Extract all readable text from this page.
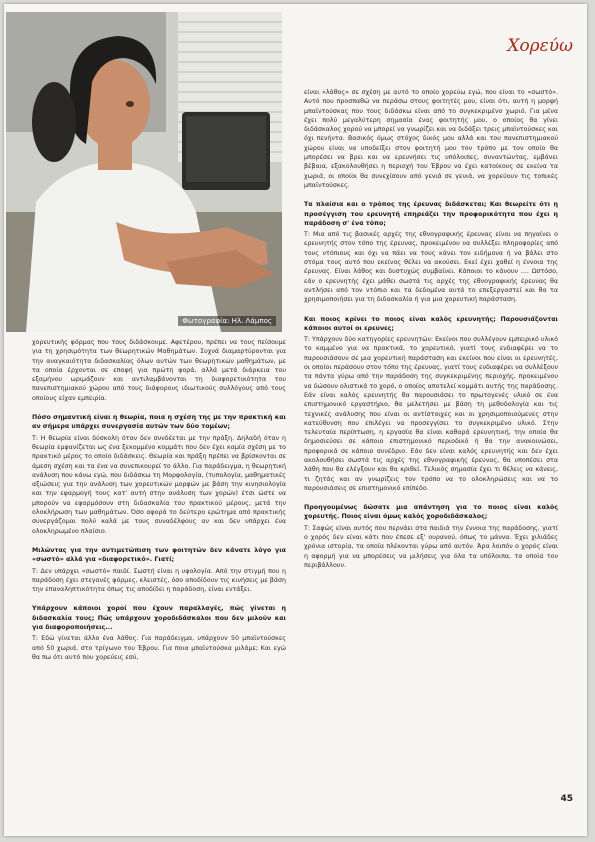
Φωτογραφία: Ηλ. Λάμπος
Χορεύω

χορευτικής φόρμας που τους διδάσκουμε. Αφετέρου, πρέπει να τους πείσουμε για τη χρησιμότητα των θεωρητικών Μαθημάτων. Συχνά διαμαρτύρονται για την αναγκαιότητα διδασκαλίας όλων αυτών των θεωρητικών μαθημάτων, με τα οποία έρχονται σε επαφή για πρώτη φορά, αλλά μετά διάρκεια του εξαμήνου ωριμάζουν και αντιλαμβάνονται τη διαφορετικότητα του πανεπιστημιακού χώρου από τους διάφορους ιδιωτικούς συλλόγους από τους οποίους είχαν εμπειρία.

Πόσο σημαντική είναι η θεωρία, ποια η σχέση της με την πρακτική και αν σήμερα υπάρχει συνεργασία αυτών των δύο τομέων;

Τ: Η θεωρία είναι δύσκολη όταν δεν συνδέεται με την πράξη. Δηλαδή όταν η θεωρία εμφανίζεται ως ένα ξεκομμένο κομμάτι που δεν έχει καμία σχέση με το πρακτικό μέρος το οποίο διδάσκεις. Θεωρία και πράξη πρέπει να βρίσκονται σε άμεση σχέση και τα ένα να συνεπικουρεί το άλλο. Για παράδειγμα, η θεωρητική ανάλυση που κάνω εγώ, που διδάσκω τη Μορφολογία, (τυπολογία, μαθηματικές αξιώσεις για την ανάλυση των χορευτικών μορφών με βάση την κινησιολογία και την εφαρμογή τους κατ' αυτή στην ανάλυση των χορών) έτσι ώστε να μπορούν να εφαρμόσουν στη διδασκαλία του πρακτικού μέρους, μετά την ολοκλήρωση των μαθημάτων. Όσο αφορά το δεύτερο ερώτημα από πρακτικής συνεργάζομαι πολύ καλά με τους συναδέλφους αν και δεν υπάρχει ένα ολοκληρωμένο πλαίσιο.

Μιλώντας για την αντιμετώπιση των φοιτητών δεν κάνατε λόγο για «σωστό» αλλά για «διαφορετικό». Γιατί;

Τ: Δεν υπάρχει «σωστό» παιδί. Σωστή είναι η υφολογία. Από την στιγμή που η παράδοση έχει στεγανές φόρμες, κλειστές, όσο αποδίδουν τις κινήσεις με βάση την επαναληπτικότητα όπως τις αποδίδει η παράδοση, είναι εντάξει.

Υπάρχουν κάποιοι χοροί που έχουν παραλλαγές, πώς γίνεται η διδασκαλία τους; Πώς υπάρχουν χοροδιδάσκαλοι που δεν μιλούν και για διαφοροποιήσεις...

Τ: Εδώ γίνεται άλλο ένα λάθος. Για παράδειγμα, υπάρχουν 50 μπαϊντούσκες από 50 χωριά, στο τρίγωνο του Έβρου. Για ποια μπαϊντούσκα μιλάμε; Και εγώ θα πω ότι αυτό που χορεύεις εσύ,

είναι «λάθος» σε σχέση με αυτό το οποίο χορεύω εγώ, που είναι το «σωστό». Αυτό που προσπαθώ να περάσω στους φοιτητές μου, είναι ότι, αυτή η μορφή μπαϊντούσκας που τους διδάσκω είναι από το συγκεκριμένο χωριό. Για μένα έχει πολύ μεγαλύτερη σημασία ένας φοιτητής μου, ο οποίος θα γίνει διδάσκαλος χορού να μπορεί να γνωρίζει και να διδάξει τρεις μπαϊντούσκες και όχι πενήντα. Βασικός όμως στόχος δικός μου αλλά και του πανεπιστημιακού χώρου είναι να υποδείξει στον φοιτητή μου τον τρόπο με τον οποίο θα μπορέσει να βρει και να ερευνήσει τις υπόλοιπες, συναντώντας, εμβάνει βέβαια, εξακολουθήσει η περιοχή του Έβρου να έχει κατοίκους σε εκείνα τα χωριά, οι οποίοι θα συνεχίσουν από γενιά σε γενιά, να χορεύουν τις τοπικές μπαϊντούσκες.

Τα πλαίσια και ο τρόπος της έρευνας διδάσκεται; Και θεωρείτε ότι η προσέγγιση του ερευνητή επηρεάζει την προφορικότητα που έχει η παράδοση σ' ένα τόπο;

Τ: Μια από τις βασικές αρχές της εθνογραφικής έρευνας είναι να πηγαίνει ο ερευνητής στον τόπο της έρευνας, προκειμένου να συλλέξει πληροφορίες από τους ντόπιους και όχι να πάει να τους κάνει τον ειδήμονα ή να βάλει στο στόμα τους αυτό που εκείνος θέλει να ακούσει. Εκεί έχει χαθεί η έννοια της έρευνας. Είναι λάθος και δυστυχώς συμβαίνει. Κάποιοι το κάνουν .... Ωστόσο, εάν ο ερευνητής έχει μάθει σωστά τις αρχές της εθνογραφικής έρευνας θα αντλήσει από τον ντόπιο και τα δεδομένα αυτά το επεξεργαστεί και θα τα χρησιμοποιήσει για τη διδασκαλία ή για μια χορευτική παράσταση.

Και ποιος κρίνει το ποιος είναι καλός ερευνητής; Παρουσιάζονται κάποιοι αυτοί οι ερευνες;

Τ: Υπάρχουν δύο κατηγορίες ερευνητών: Εκείνοι που συλλέγουν εμπειρικό υλικό το καμμένο για να πρακτικά, το χορευτικό, γιατί τους ενδιαφέρει να το παρουσιάσουν σε μια χορευτική παράσταση και εκείνοι που είναι οι ερευνητές, οι οποίοι περάσουν στον τόπο της έρευνας, γιατί τους ενδιαφέρει να συλλέξουν τα πάντα γύρω από την παράδοση της συγκεκριμένης περιοχής, προκειμένου να δώσουν ολιστικά το χορό, ο οποίος αποτελεί κομμάτι αυτής της παράδοσης. Εάν είναι καλός ερευνητής θα παρουσιάσει το πρωτογενές υλικό σε ένα επιστημονικό εργαστήριο, θα μελετήσει με βάση τη μεθοδολογία και τις τεχνικές ανάλυσης που είναι οι αντίστοιχες και οι χρησιμοποιούμενες στην κατεύθυνση που επιλέγει να προσεγγίσει το συγκεκριμένο υλικό. Στην τελευταία περίπτωση, η εργασία θα είναι καθαρά ερευνητική, την οποία θα δημοσιεύσει σε κάποιο επιστημονικό περιοδικό ή θα την ανακοινώσει, προφορικά σε κάποιο συνέδριο. Εάν δεν είναι καλός ερευνητής και δεν έχει ακολουθήσει σωστά τις αρχές της εθνογραφικής έρευνας, θα υποπέσει στα λάθη που θα ελέγξουν και θα κριθεί. Τελικός σημασία έχει τι θέλεις να κάνεις, τι ζητάς και αν γνωρίζεις τον τρόπο να το ολοκληρώσεις και να το παρουσιάσεις σε επιστημονικό επίπεδο.

Προηγουμένως δώσατε μια απάντηση για το ποιος είναι καλός χορευτής. Ποιος είναι όμως καλός χοροδιδάσκαλος;

Τ: Σαφώς είναι αυτός που περνάει στα παιδιά την έννοια της παράδοσης, γιατί ο χορός δεν είναι κάτι που έπεσε εξ' ουρανού, όπως το μάννα. Έχει χιλιάδες χρόνια ιστορία, τα οποία πλέκονται γύρω από αυτόν. Άρα λοιπόν ο χορός είναι η αφορμή για να μπορέσεις να μιλήσεις για όλα τα υπόλοιπα, τα οποία τον περιβάλλουν.

45
